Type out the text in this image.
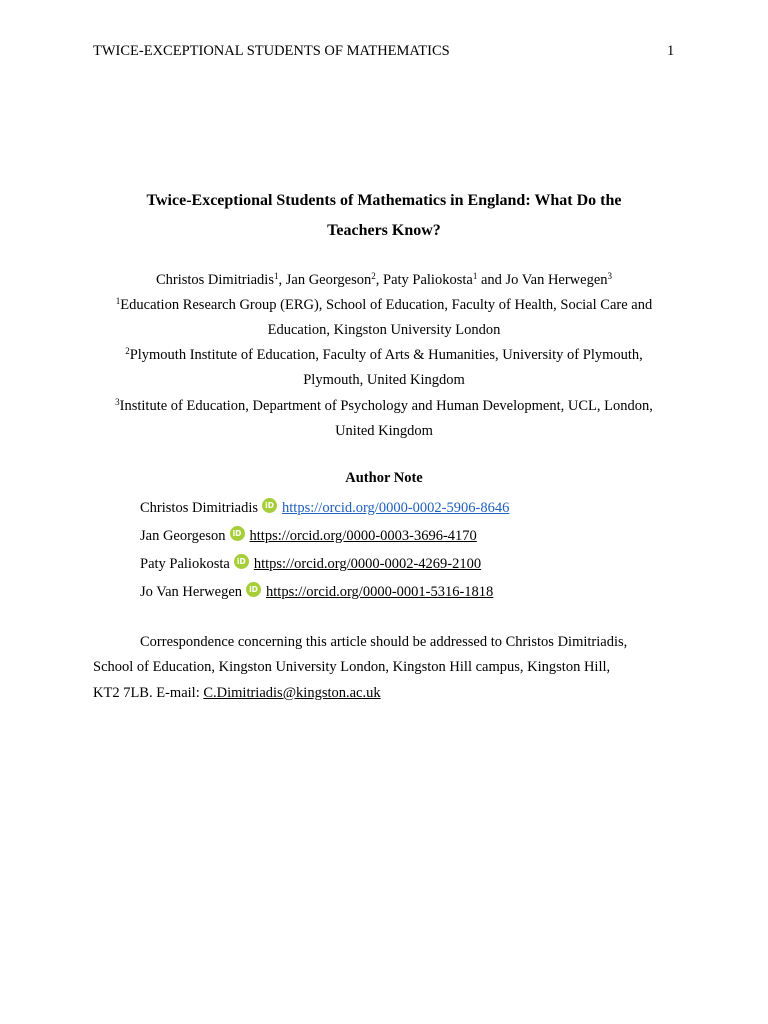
TWICE-EXCEPTIONAL STUDENTS OF MATHEMATICS	1
Twice-Exceptional Students of Mathematics in England: What Do the
Teachers Know?
Christos Dimitriadis$^1$, Jan Georgeson$^2$, Paty Paliokosta$^1$ and Jo Van Herwegen$^3$
$^1$Education Research Group (ERG), School of Education, Faculty of Health, Social Care and
Education, Kingston University London
$^2$Plymouth Institute of Education, Faculty of Arts & Humanities, University of Plymouth,
Plymouth, United Kingdom
$^3$Institute of Education, Department of Psychology and Human Development, UCL, London,
United Kingdom
Author Note
Christos Dimitriadis iD https://orcid.org/0000-0002-5906-8646
Jan Georgeson iD https://orcid.org/0000-0003-3696-4170
Paty Paliokosta iD https://orcid.org/0000-0002-4269-2100
Jo Van Herwegen iD https://orcid.org/0000-0001-5316-1818
Correspondence concerning this article should be addressed to Christos Dimitriadis,
School of Education, Kingston University London, Kingston Hill campus, Kingston Hill,
KT2 7LB. E-mail: C.Dimitriadis@kingston.ac.uk
